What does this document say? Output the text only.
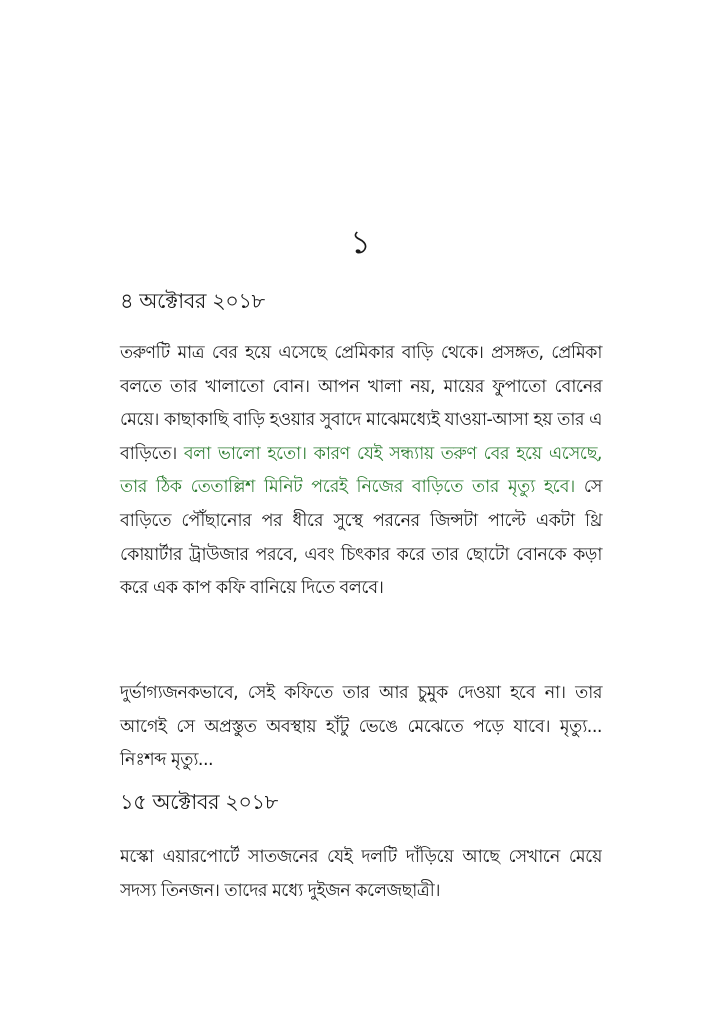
১
৪ অক্টোবর ২০১৮

তরুণটি মাত্র বের হয়ে এসেছে প্রেমিকার বাড়ি থেকে। প্রসঙ্গত, প্রেমিকা বলতে তার খালাতো বোন। আপন খালা নয়, মায়ের ফুপাতো বোনের মেয়ে। কাছাকাছি বাড়ি হওয়ার সুবাদে মাঝেমধ্যেই যাওয়া-আসা হয় তার এ বাড়িতে। বলা ভালো হতো। কারণ যেই সন্ধ্যায় তরুণ বের হয়ে এসেছে, তার ঠিক তেতাল্লিশ মিনিট পরেই নিজের বাড়িতে তার মৃত্যু হবে। সে বাড়িতে পৌঁছানোর পর ধীরে সুস্থে পরনের জিন্সটা পাল্টে একটা থ্রি কোয়ার্টার ট্রাউজার পরবে, এবং চিৎকার করে তার ছোটো বোনকে কড়া করে এক কাপ কফি বানিয়ে দিতে বলবে।

দুর্ভাগ্যজনকভাবে, সেই কফিতে তার আর চুমুক দেওয়া হবে না। তার আগেই সে অপ্রস্তুত অবস্থায় হাঁটু ভেঙে মেঝেতে পড়ে যাবে। মৃত্যু... নিঃশব্দ মৃত্যু...

১৫ অক্টোবর ২০১৮

মস্কো এয়ারপোর্টে সাতজনের যেই দলটি দাঁড়িয়ে আছে সেখানে মেয়ে সদস্য তিনজন। তাদের মধ্যে দুইজন কলেজছাত্রী।
